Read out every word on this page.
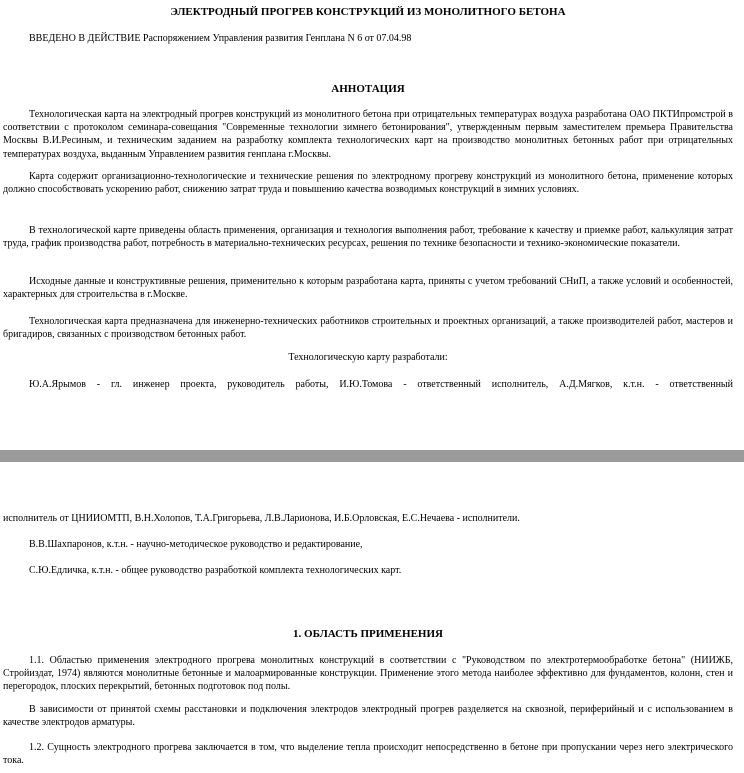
ЭЛЕКТРОДНЫЙ ПРОГРЕВ КОНСТРУКЦИЙ ИЗ МОНОЛИТНОГО БЕТОНА

ВВЕДЕНО В ДЕЙСТВИЕ Распоряжением Управления развития Генплана N 6 от 07.04.98

АННОТАЦИЯ

Технологическая карта на электродный прогрев конструкций из монолитного бетона при отрицательных температурах воздуха разработана ОАО ПКТИпромстрой в соответствии с протоколом семинара-совещания "Современные технологии зимнего бетонирования", утвержденным первым заместителем премьера Правительства Москвы В.И.Ресиным, и техническим заданием на разработку комплекта технологических карт на производство монолитных бетонных работ при отрицательных температурах воздуха, выданным Управлением развития генплана г.Москвы.

Карта содержит организационно-технологические и технические решения по электродному прогреву конструкций из монолитного бетона, применение которых должно способствовать ускорению работ, снижению затрат труда и повышению качества возводимых конструкций в зимних условиях.

В технологической карте приведены область применения, организация и технология выполнения работ, требование к качеству и приемке работ, калькуляция затрат труда, график производства работ, потребность в материально-технических ресурсах, решения по технике безопасности и технико-экономические показатели.

Исходные данные и конструктивные решения, применительно к которым разработана карта, приняты с учетом требований СНиП, а также условий и особенностей, характерных для строительства в г.Москве.

Технологическая карта предназначена для инженерно-технических работников строительных и проектных организаций, а также производителей работ, мастеров и бригадиров, связанных с производством бетонных работ.

Технологическую карту разработали:

Ю.А.Ярымов - гл. инженер проекта, руководитель работы, И.Ю.Томова - ответственный исполнитель, А.Д.Мягков, к.т.н. - ответственный

исполнитель от ЦНИИОМТП, В.Н.Холопов, Т.А.Григорьева, Л.В.Ларионова, И.Б.Орловская, Е.С.Нечаева - исполнители.

В.В.Шахпаронов, к.т.н. - научно-методическое руководство и редактирование,

С.Ю.Едличка, к.т.н. - общее руководство разработкой комплекта технологических карт.

1. ОБЛАСТЬ ПРИМЕНЕНИЯ

1.1. Областью применения электродного прогрева монолитных конструкций в соответствии с "Руководством по электротермообработке бетона" (НИИЖБ, Стройиздат, 1974) являются монолитные бетонные и малоармированные конструкции. Применение этого метода наиболее эффективно для фундаментов, колонн, стен и перегородок, плоских перекрытий, бетонных подготовок под полы.

В зависимости от принятой схемы расстановки и подключения электродов электродный прогрев разделяется на сквозной, периферийный и с использованием в качестве электродов арматуры.

1.2. Сущность электродного прогрева заключается в том, что выделение тепла происходит непосредственно в бетоне при пропускании через него электрического тока.
